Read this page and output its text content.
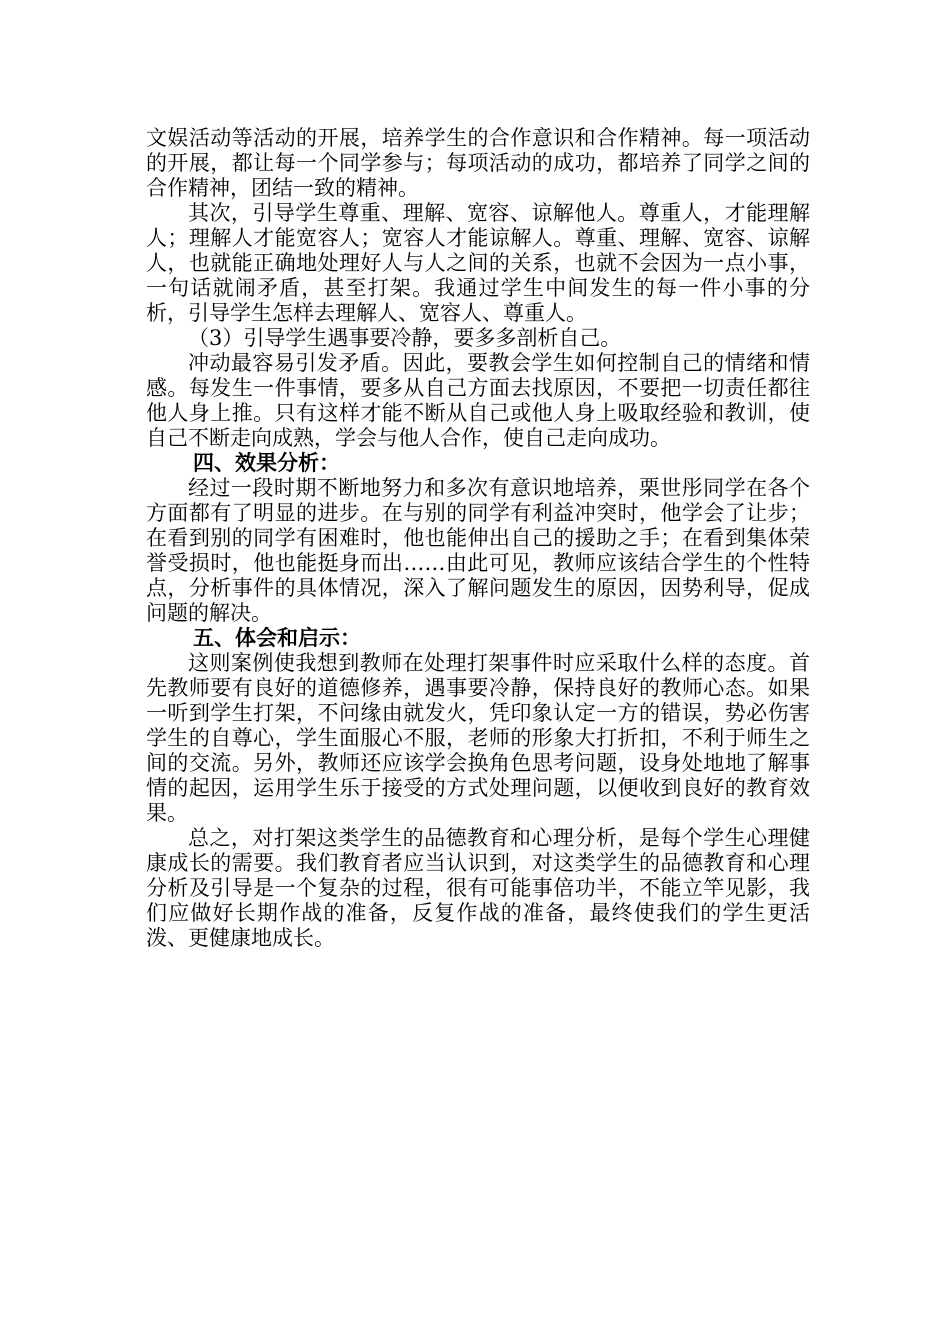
文娱活动等活动的开展，培养学生的合作意识和合作精神。每一项活动的开展，都让每一个同学参与；每项活动的成功，都培养了同学之间的合作精神，团结一致的精神。

其次，引导学生尊重、理解、宽容、谅解他人。尊重人，才能理解人；理解人才能宽容人；宽容人才能谅解人。尊重、理解、宽容、谅解人，也就能正确地处理好人与人之间的关系，也就不会因为一点小事，一句话就闹矛盾，甚至打架。我通过学生中间发生的每一件小事的分析，引导学生怎样去理解人、宽容人、尊重人。

（3）引导学生遇事要冷静，要多多剖析自己。

冲动最容易引发矛盾。因此，要教会学生如何控制自己的情绪和情感。每发生一件事情，要多从自己方面去找原因，不要把一切责任都往他人身上推。只有这样才能不断从自己或他人身上吸取经验和教训，使自己不断走向成熟，学会与他人合作，使自己走向成功。

四、效果分析：

经过一段时期不断地努力和多次有意识地培养，栗世彤同学在各个方面都有了明显的进步。在与别的同学有利益冲突时，他学会了让步；在看到别的同学有困难时，他也能伸出自己的援助之手；在看到集体荣誉受损时，他也能挺身而出……由此可见，教师应该结合学生的个性特点，分析事件的具体情况，深入了解问题发生的原因，因势利导，促成问题的解决。

五、体会和启示：

这则案例使我想到教师在处理打架事件时应采取什么样的态度。首先教师要有良好的道德修养，遇事要冷静，保持良好的教师心态。如果一听到学生打架，不问缘由就发火，凭印象认定一方的错误，势必伤害学生的自尊心，学生面服心不服，老师的形象大打折扣，不利于师生之间的交流。另外，教师还应该学会换角色思考问题，设身处地地了解事情的起因，运用学生乐于接受的方式处理问题，以便收到良好的教育效果。

总之，对打架这类学生的品德教育和心理分析，是每个学生心理健康成长的需要。我们教育者应当认识到，对这类学生的品德教育和心理分析及引导是一个复杂的过程，很有可能事倍功半，不能立竿见影，我们应做好长期作战的准备，反复作战的准备，最终使我们的学生更活泼、更健康地成长。
